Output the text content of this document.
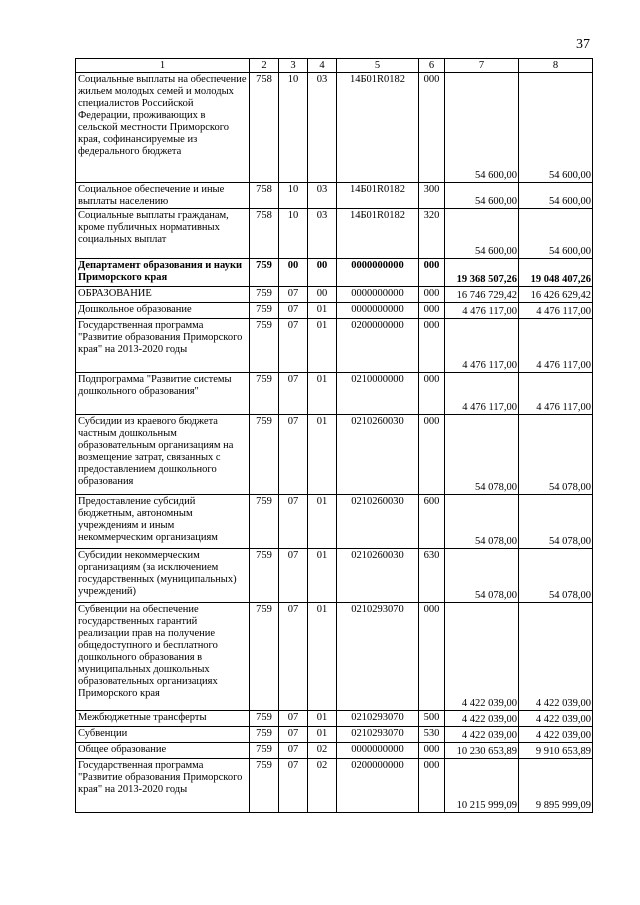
37
1	2	3	4	5	6	7	8
Социальные выплаты на обеспечение жильем молодых семей и молодых специалистов Российской Федерации, проживающих в сельской местности Приморского края, софинансируемые из федерального бюджета	758	10	03	14Б01R0182	000	54 600,00	54 600,00
Социальное обеспечение и иные выплаты населению	758	10	03	14Б01R0182	300	54 600,00	54 600,00
Социальные выплаты гражданам, кроме публичных нормативных социальных выплат	758	10	03	14Б01R0182	320	54 600,00	54 600,00
Департамент образования и науки Приморского края	759	00	00	0000000000	000	19 368 507,26	19 048 407,26
ОБРАЗОВАНИЕ	759	07	00	0000000000	000	16 746 729,42	16 426 629,42
Дошкольное образование	759	07	01	0000000000	000	4 476 117,00	4 476 117,00
Государственная программа "Развитие образования Приморского края" на 2013-2020 годы	759	07	01	0200000000	000	4 476 117,00	4 476 117,00
Подпрограмма "Развитие системы дошкольного образования"	759	07	01	0210000000	000	4 476 117,00	4 476 117,00
Субсидии из краевого бюджета частным дошкольным образовательным организациям на возмещение затрат, связанных с предоставлением дошкольного образования	759	07	01	0210260030	000	54 078,00	54 078,00
Предоставление субсидий бюджетным, автономным учреждениям и иным некоммерческим организациям	759	07	01	0210260030	600	54 078,00	54 078,00
Субсидии некоммерческим организациям (за исключением государственных (муниципальных) учреждений)	759	07	01	0210260030	630	54 078,00	54 078,00
Субвенции на обеспечение государственных гарантий реализации прав на получение общедоступного и бесплатного дошкольного образования в муниципальных дошкольных образовательных организациях Приморского края	759	07	01	0210293070	000	4 422 039,00	4 422 039,00
Межбюджетные трансферты	759	07	01	0210293070	500	4 422 039,00	4 422 039,00
Субвенции	759	07	01	0210293070	530	4 422 039,00	4 422 039,00
Общее образование	759	07	02	0000000000	000	10 230 653,89	9 910 653,89
Государственная программа "Развитие образования Приморского края" на 2013-2020 годы	759	07	02	0200000000	000	10 215 999,09	9 895 999,09
